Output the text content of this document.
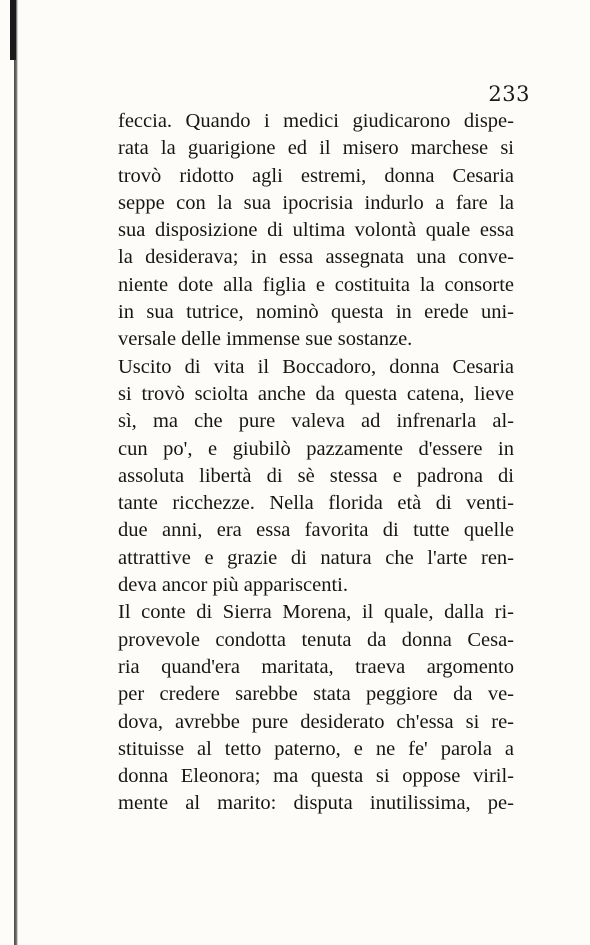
233
feccia. Quando i medici giudicarono dispe-
rata la guarigione ed il misero marchese si
trovò ridotto agli estremi, donna Cesaria
seppe con la sua ipocrisia indurlo a fare la
sua disposizione di ultima volontà quale essa
la desiderava; in essa assegnata una conve-
niente dote alla figlia e costituita la consorte
in sua tutrice, nominò questa in erede uni-
versale delle immense sue sostanze.
Uscito di vita il Boccadoro, donna Cesaria
si trovò sciolta anche da questa catena, lieve
sì, ma che pure valeva ad infrenarla al-
cun po', e giubilò pazzamente d'essere in
assoluta libertà di sè stessa e padrona di
tante ricchezze. Nella florida età di venti-
due anni, era essa favorita di tutte quelle
attrattive e grazie di natura che l'arte ren-
deva ancor più appariscenti.
Il conte di Sierra Morena, il quale, dalla ri-
provevole condotta tenuta da donna Cesa-
ria quand'era maritata, traeva argomento
per credere sarebbe stata peggiore da ve-
dova, avrebbe pure desiderato ch'essa si re-
stituisse al tetto paterno, e ne fe' parola a
donna Eleonora; ma questa si oppose viril-
mente al marito: disputa inutilissima, pe-
